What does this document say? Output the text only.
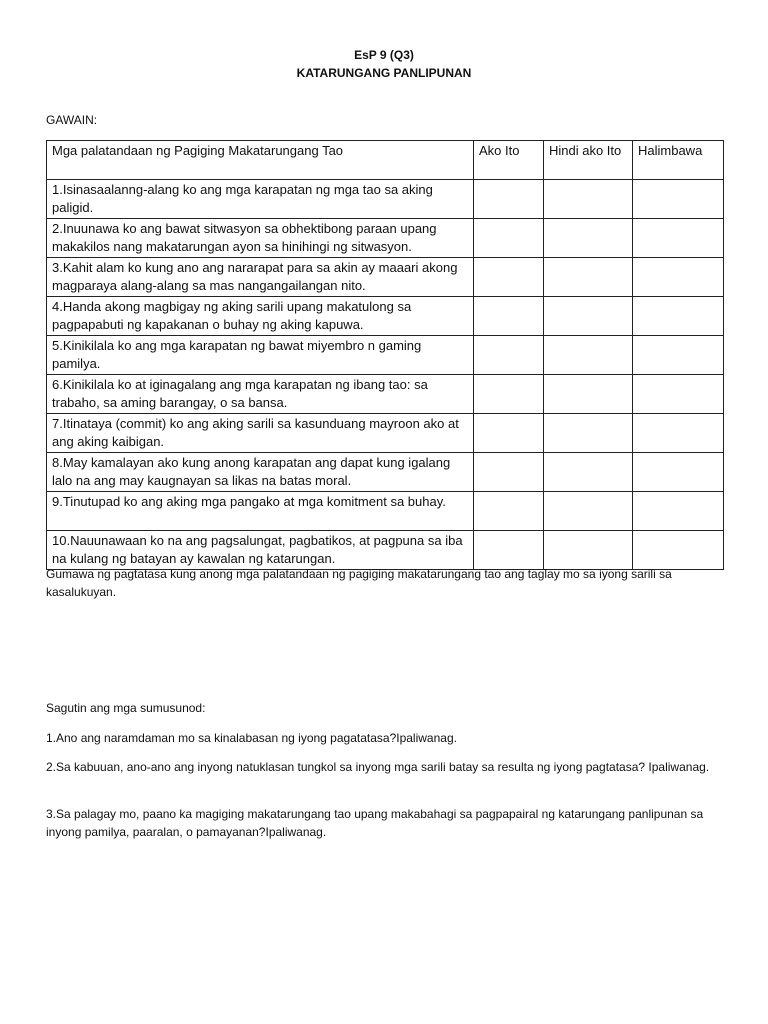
EsP 9 (Q3)
KATARUNGANG PANLIPUNAN
GAWAIN:
Mga palatandaan ng Pagiging Makatarungang Tao	Ako Ito	Hindi ako Ito	Halimbawa
1.Isinasaalanng-alang ko ang mga karapatan ng mga tao sa aking paligid.			
2.Inuunawa ko ang bawat sitwasyon sa obhektibong paraan upang makakilos nang makatarungan ayon sa hinihingi ng sitwasyon.			
3.Kahit alam ko kung ano ang nararapat para sa akin ay maaari akong magparaya alang-alang sa mas nangangailangan nito.			
4.Handa akong magbigay ng aking sarili upang makatulong sa pagpapabuti ng kapakanan o buhay ng aking kapuwa.			
5.Kinikilala ko ang mga karapatan ng bawat miyembro n gaming pamilya.			
6.Kinikilala ko at iginagalang ang mga karapatan ng ibang tao: sa trabaho, sa aming barangay, o sa bansa.			
7.Itinataya (commit) ko ang aking sarili sa kasunduang mayroon ako at ang aking kaibigan.			
8.May kamalayan ako kung anong karapatan ang dapat kung igalang lalo na ang may kaugnayan sa likas na batas moral.			
9.Tinutupad ko ang aking mga pangako at mga komitment sa buhay.			
10.Nauunawaan ko na ang pagsalungat, pagbatikos, at pagpuna sa iba na kulang ng batayan ay kawalan ng katarungan.			
Gumawa ng pagtatasa kung anong mga palatandaan ng pagiging makatarungang tao ang taglay mo sa iyong sarili sa kasalukuyan.
Sagutin ang mga sumusunod:
1.Ano ang naramdaman mo sa kinalabasan ng iyong pagatatasa?Ipaliwanag.
2.Sa kabuuan, ano-ano ang inyong natuklasan tungkol sa inyong mga sarili batay sa resulta ng iyong pagtatasa? Ipaliwanag.
3.Sa palagay mo, paano ka magiging makatarungang tao upang makabahagi sa pagpapairal ng katarungang panlipunan sa inyong pamilya, paaralan, o pamayanan?Ipaliwanag.
